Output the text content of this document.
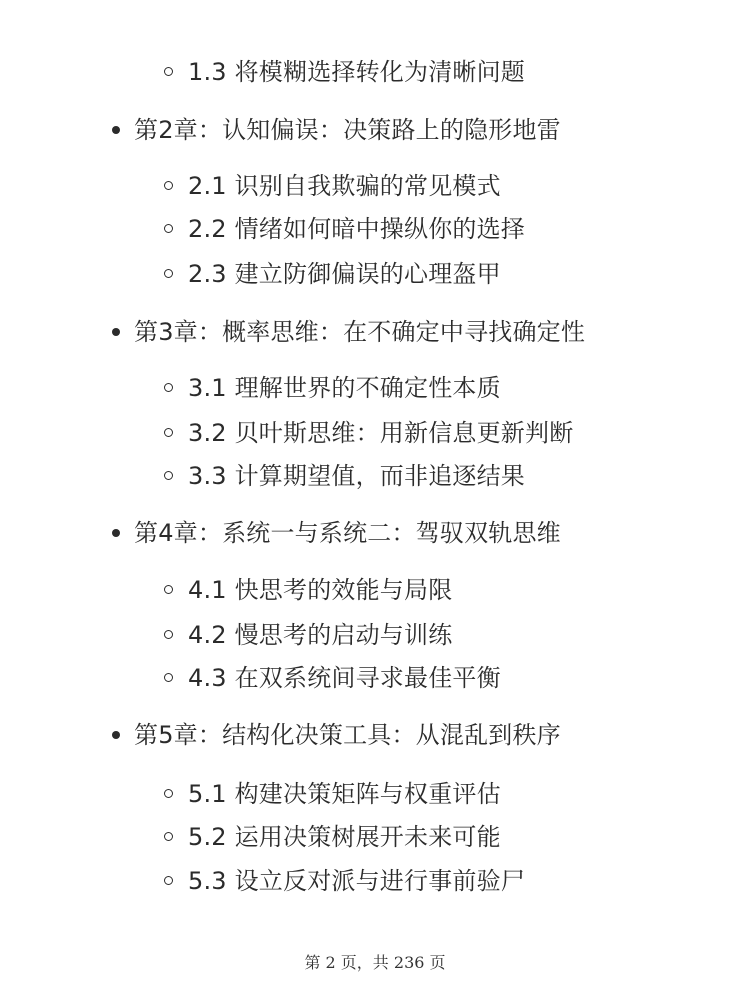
1.3 将模糊选择转化为清晰问题
第2章：认知偏误：决策路上的隐形地雷
2.1 识别自我欺骗的常见模式
2.2 情绪如何暗中操纵你的选择
2.3 建立防御偏误的心理盔甲
第3章：概率思维：在不确定中寻找确定性
3.1 理解世界的不确定性本质
3.2 贝叶斯思维：用新信息更新判断
3.3 计算期望值，而非追逐结果
第4章：系统一与系统二：驾驭双轨思维
4.1 快思考的效能与局限
4.2 慢思考的启动与训练
4.3 在双系统间寻求最佳平衡
第5章：结构化决策工具：从混乱到秩序
5.1 构建决策矩阵与权重评估
5.2 运用决策树展开未来可能
5.3 设立反对派与进行事前验尸
第 2 页，共 236 页
